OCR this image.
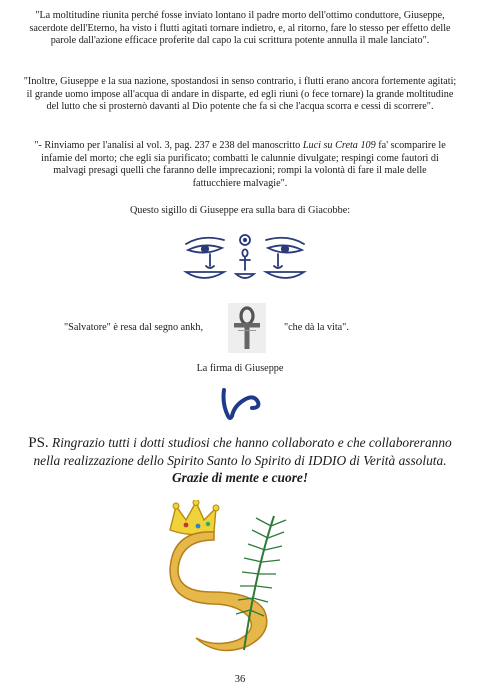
"La moltitudine riunita perché fosse inviato lontano il padre morto dell'ottimo conduttore, Giuseppe, sacerdote dell'Eterno, ha visto i flutti agitati tornare indietro, e, al ritorno, fare lo stesso per effetto delle parole dall'azione efficace proferite dal capo la cui scrittura potente annulla il male lanciato".

"Inoltre, Giuseppe e la sua nazione, spostandosi in senso contrario, i flutti erano ancora fortemente agitati; il grande uomo impose all'acqua di andare in disparte, ed egli riunì (o fece tornare) la grande moltitudine del lutto che si prosternò davanti al Dio potente che fa sì che l'acqua scorra e cessi di scorrere".

"- Rinviamo per l'analisi al vol. 3, pag. 237 e 238 del manoscritto Luci su Creta 109 fa' scomparire le infamie del morto; che egli sia purificato; combatti le calunnie divulgate; respingi come fautori di malvagi presagi quelli che faranno delle imprecazioni; rompi la volontà di fare il male delle fattucchiere malvagie".

Questo sigillo di Giuseppe era sulla bara di Giacobbe:

"Salvatore" è resa dal segno ankh,	"che dà la vita".

La firma di Giuseppe

PS. Ringrazio tutti i dotti studiosi che hanno collaborato e che collaboreranno
nella realizzazione dello Spirito Santo lo Spirito di IDDIO di Verità assoluta.
Grazie di mente e cuore!
36
